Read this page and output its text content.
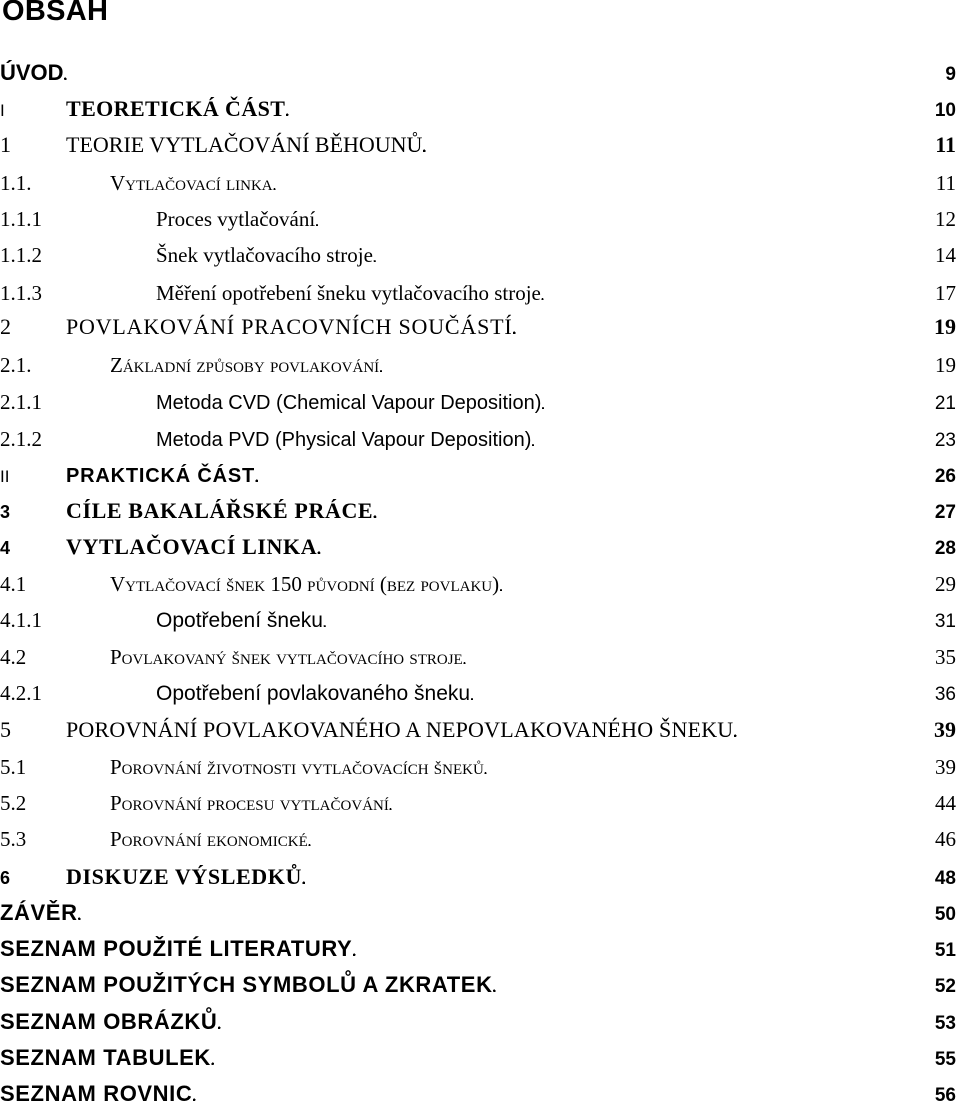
OBSAH
ÚVOD . . .	9
I	TEORETICKÁ ČÁST . . .	10
1	TEORIE VYTLAČOVÁNÍ BĚHOUNŮ . . .	11
1.1.	Vytlačovací linka . . .	11
1.1.1	Proces vytlačování . . .	12
1.1.2	Šnek vytlačovacího stroje . . .	14
1.1.3	Měření opotřebení šneku vytlačovacího stroje . . .	17
2	POVLAKOVÁNÍ PRACOVNÍCH SOUČÁSTÍ . . .	19
2.1.	Základní způsoby povlakování . . .	19
2.1.1	Metoda CVD (Chemical Vapour Deposition) . . .	21
2.1.2	Metoda PVD (Physical Vapour Deposition) . . .	23
II	PRAKTICKÁ ČÁST . . .	26
3	CÍLE BAKALÁŘSKÉ PRÁCE . . .	27
4	VYTLAČOVACÍ LINKA . . .	28
4.1	Vytlačovací šnek 150 původní (bez povlaku) . . .	29
4.1.1	Opotřebení šneku . . .	31
4.2	Povlakovaný šnek vytlačovacího stroje . . .	35
4.2.1	Opotřebení povlakovaného šneku . . .	36
5	POROVNÁNÍ POVLAKOVANÉHO A NEPOVLAKOVANÉHO ŠNEKU . . .	39
5.1	Porovnání životnosti vytlačovacích šneků . . .	39
5.2	Porovnání procesu vytlačování . . .	44
5.3	Porovnání ekonomické . . .	46
6	DISKUZE VÝSLEDKŮ . . .	48
ZÁVĚR . . .	50
SEZNAM POUŽITÉ LITERATURY . . .	51
SEZNAM POUŽITÝCH SYMBOLŮ A ZKRATEK . . .	52
SEZNAM OBRÁZKŮ . . .	53
SEZNAM TABULEK . . .	55
SEZNAM ROVNIC . . .	56
